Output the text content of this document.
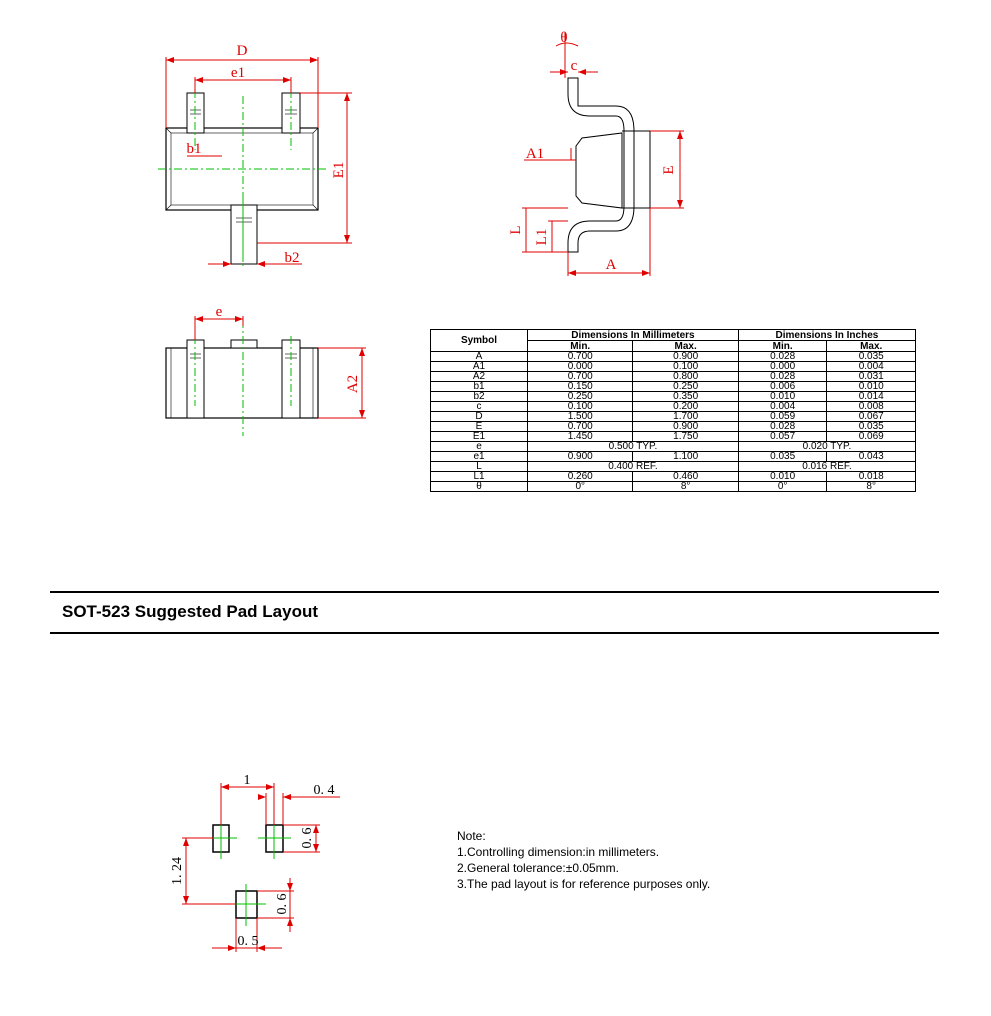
D
e1
b1
b2
E1
θ
c
A1
E
L L1
A
e
A2
1
0. 4
0. 6
1. 24
0. 6
0. 5
Symbol	Dimensions In Millimeters		Dimensions In Inches	
	Min.	Max.	Min.	Max.
A	0.700	0.900	0.028	0.035
A1	0.000	0.100	0.000	0.004
A2	0.700	0.800	0.028	0.031
b1	0.150	0.250	0.006	0.010
b2	0.250	0.350	0.010	0.014
c	0.100	0.200	0.004	0.008
D	1.500	1.700	0.059	0.067
E	0.700	0.900	0.028	0.035
E1	1.450	1.750	0.057	0.069
e	0.500 TYP.		0.020 TYP.	
e1	0.900	1.100	0.035	0.043
L	0.400 REF.		0.016 REF.	
L1	0.260	0.460	0.010	0.018
θ	0°	8°	0°	8°
SOT-523 Suggested Pad Layout
Note:
1.Controlling dimension:in millimeters.
2.General tolerance:±0.05mm.
3.The pad layout is for reference purposes only.
